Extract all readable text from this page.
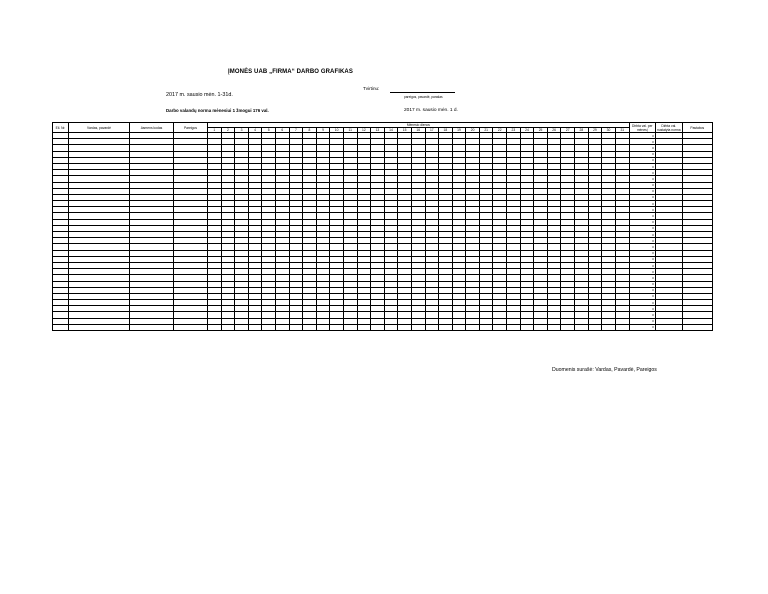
ĮMONĖS UAB „FIRMA“ DARBO GRAFIKAS
Tvirtinu:
pareigos, pavardė, parašas
2017 m. sausio mėn. 1-31d.
Darbo valandų norma mėnesiui 1 žmogui 176 val.	2017 m. sausio mėn. 1 d.
Eil. Nr.	Vardas, pavardė	Asmens kodas	Pareigos	Mėnesio dienos																															Dirbta val. per mėnesį	Dirbta val. nustatyta norma	Pastabos
				1	2	3	4	5	6	7	8	9	10	11	12	13	14	15	16	17	18	19	20	21	22	23	24	25	26	27	28	29	30	31			
																																			0		
																																			0		
																																			0		
																																			0		
																																			0		
																																			0		
																																			0		
																																			0		
																																			0		
																																			0		
																																			0		
																																			0		
																																			0		
																																			0		
																																			0		
																																			0		
																																			0		
																																			0		
																																			0		
																																			0		
																																			0		
																																			0		
																																			0		
																																			0		
																																			0		
																																			0		
																																			0		
																																			0		
																																			0		
																																			0		
																																			0		
																																			0		
Duomenis surašė: Vardas, Pavardė, Pareigos
